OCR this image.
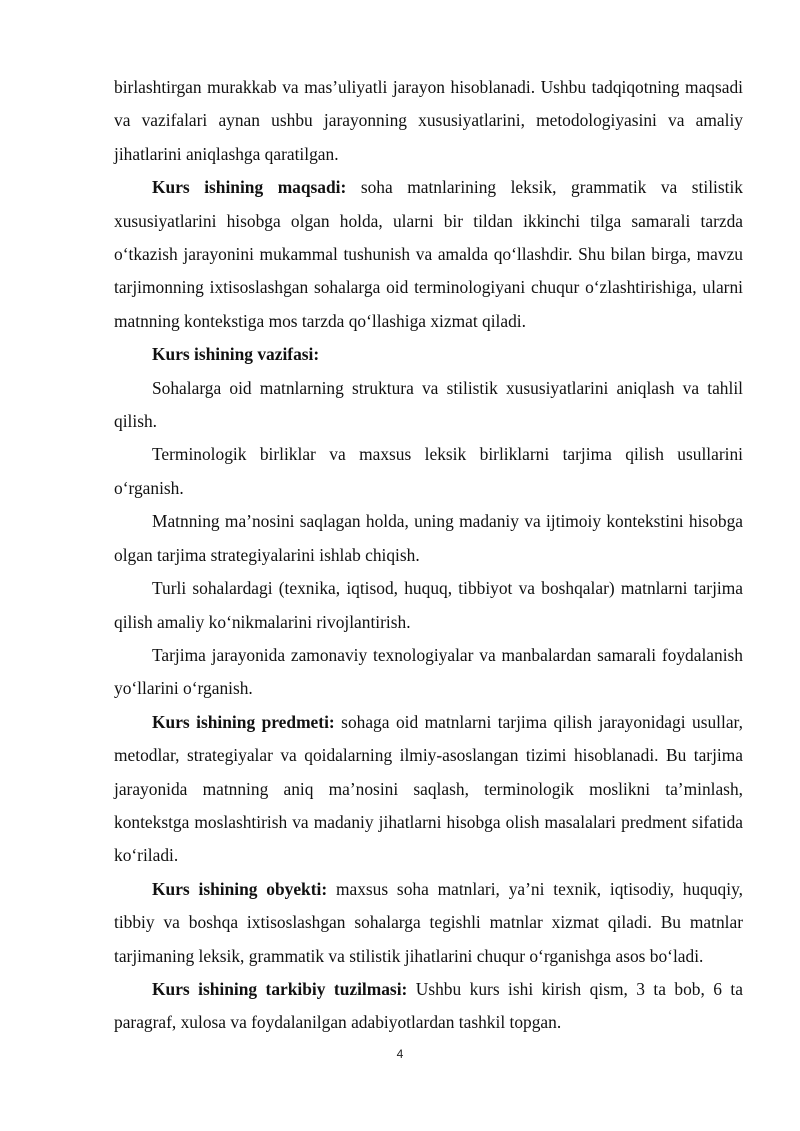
birlashtirgan murakkab va mas’uliyatli jarayon hisoblanadi. Ushbu tadqiqotning maqsadi va vazifalari aynan ushbu jarayonning xususiyatlarini, metodologiyasini va amaliy jihatlarini aniqlashga qaratilgan.

Kurs ishining maqsadi: soha matnlarining leksik, grammatik va stilistik xususiyatlarini hisobga olgan holda, ularni bir tildan ikkinchi tilga samarali tarzda o‘tkazish jarayonini mukammal tushunish va amalda qo‘llashdir. Shu bilan birga, mavzu tarjimonning ixtisoslashgan sohalarga oid terminologiyani chuqur o‘zlashtirishiga, ularni matnning kontekstiga mos tarzda qo‘llashiga xizmat qiladi.

Kurs ishining vazifasi:

Sohalarga oid matnlarning struktura va stilistik xususiyatlarini aniqlash va tahlil qilish.

Terminologik birliklar va maxsus leksik birliklarni tarjima qilish usullarini o‘rganish.

Matnning ma’nosini saqlagan holda, uning madaniy va ijtimoiy kontekstini hisobga olgan tarjima strategiyalarini ishlab chiqish.

Turli sohalardagi (texnika, iqtisod, huquq, tibbiyot va boshqalar) matnlarni tarjima qilish amaliy ko‘nikmalarini rivojlantirish.

Tarjima jarayonida zamonaviy texnologiyalar va manbalardan samarali foydalanish yo‘llarini o‘rganish.

Kurs ishining predmeti: sohaga oid matnlarni tarjima qilish jarayonidagi usullar, metodlar, strategiyalar va qoidalarning ilmiy-asoslangan tizimi hisoblanadi. Bu tarjima jarayonida matnning aniq ma’nosini saqlash, terminologik moslikni ta’minlash, kontekstga moslashtirish va madaniy jihatlarni hisobga olish masalalari predment sifatida ko‘riladi.

Kurs ishining obyekti: maxsus soha matnlari, ya’ni texnik, iqtisodiy, huquqiy, tibbiy va boshqa ixtisoslashgan sohalarga tegishli matnlar xizmat qiladi. Bu matnlar tarjimaning leksik, grammatik va stilistik jihatlarini chuqur o‘rganishga asos bo‘ladi.

Kurs ishining tarkibiy tuzilmasi: Ushbu kurs ishi kirish qism, 3 ta bob, 6 ta paragraf, xulosa va foydalanilgan adabiyotlardan tashkil topgan.

4
